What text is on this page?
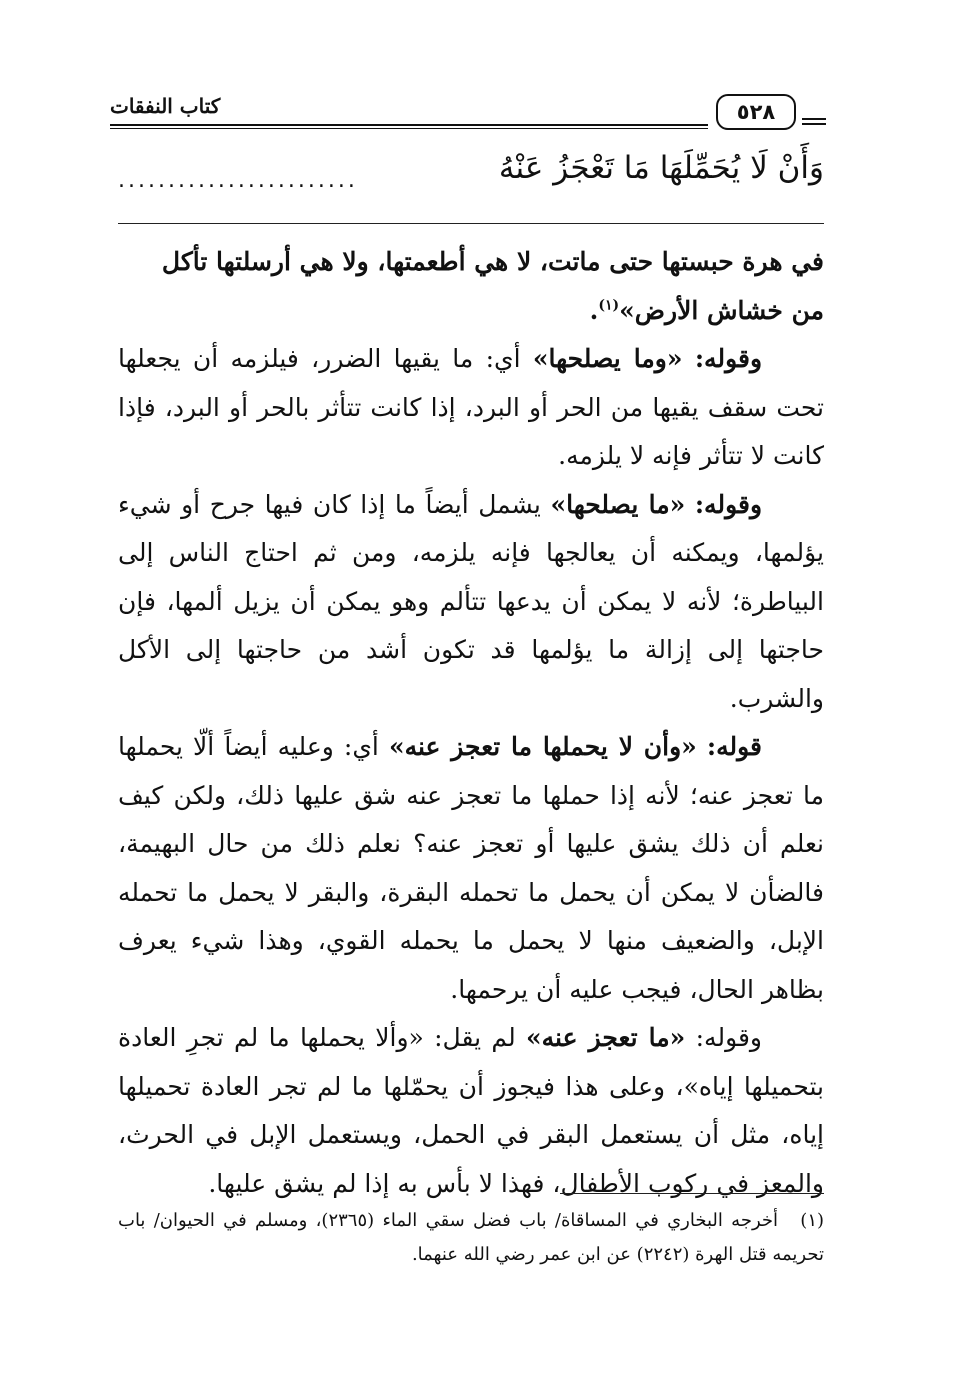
كتاب النفقات	٥٢٨
وَأَنْ لَا يُحَمِّلَهَا مَا تَعْجَزُ عَنْهُ
........................

في هرة حبستها حتى ماتت، لا هي أطعمتها، ولا هي أرسلتها تأكل
من خشاش الأرض»$^{(١)}$.

وقوله: «وما يصلحها» أي: ما يقيها الضرر، فيلزمه أن يجعلها تحت سقف يقيها من الحر أو البرد، إذا كانت تتأثر بالحر أو البرد، فإذا كانت لا تتأثر فإنه لا يلزمه.

وقوله: «ما يصلحها» يشمل أيضاً ما إذا كان فيها جرح أو شيء يؤلمها، ويمكنه أن يعالجها فإنه يلزمه، ومن ثم احتاج الناس إلى البياطرة؛ لأنه لا يمكن أن يدعها تتألم وهو يمكن أن يزيل ألمها، فإن حاجتها إلى إزالة ما يؤلمها قد تكون أشد من حاجتها إلى الأكل والشرب.

قوله: «وأن لا يحملها ما تعجز عنه» أي: وعليه أيضاً ألّا يحملها ما تعجز عنه؛ لأنه إذا حملها ما تعجز عنه شق عليها ذلك، ولكن كيف نعلم أن ذلك يشق عليها أو تعجز عنه؟ نعلم ذلك من حال البهيمة، فالضأن لا يمكن أن يحمل ما تحمله البقرة، والبقر لا يحمل ما تحمله الإبل، والضعيف منها لا يحمل ما يحمله القوي، وهذا شيء يعرف بظاهر الحال، فيجب عليه أن يرحمها.

وقوله: «ما تعجز عنه» لم يقل: «وألا يحملها ما لم تجرِ العادة بتحميلها إياه»، وعلى هذا فيجوز أن يحمّلها ما لم تجر العادة تحميلها إياه، مثل أن يستعمل البقر في الحمل، ويستعمل الإبل في الحرث، والمعز في ركوب الأطفال، فهذا لا بأس به إذا لم يشق عليها.

(١)أخرجه البخاري في المساقاة/ باب فضل سقي الماء (٢٣٦٥)، ومسلم في الحيوان/ باب تحريمه قتل الهرة (٢٢٤٢) عن ابن عمر رضي الله عنهما.
